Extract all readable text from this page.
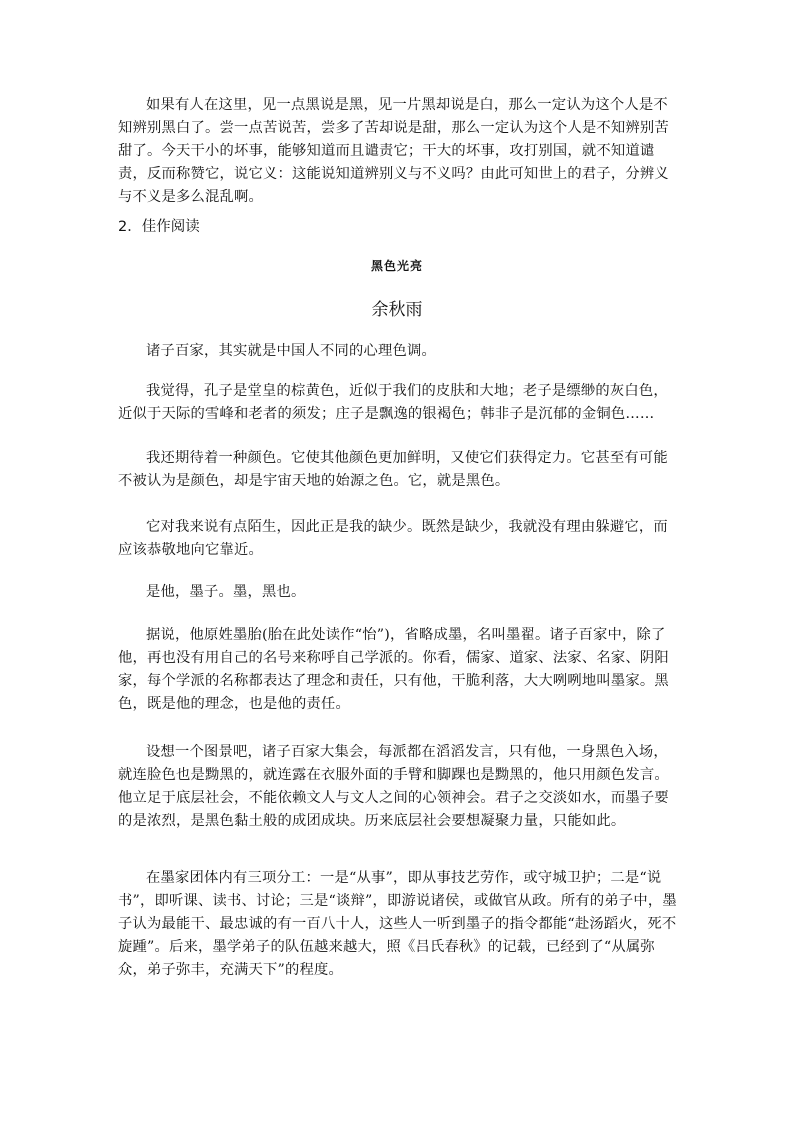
如果有人在这里，见一点黑说是黑，见一片黑却说是白，那么一定认为这个人是不知辨别黑白了。尝一点苦说苦，尝多了苦却说是甜，那么一定认为这个人是不知辨别苦甜了。今天干小的坏事，能够知道而且谴责它；干大的坏事，攻打别国，就不知道谴责，反而称赞它，说它义：这能说知道辨别义与不义吗？由此可知世上的君子，分辨义与不义是多么混乱啊。

2．佳作阅读

黑色光亮

余秋雨

诸子百家，其实就是中国人不同的心理色调。

我觉得，孔子是堂皇的棕黄色，近似于我们的皮肤和大地；老子是缥缈的灰白色，近似于天际的雪峰和老者的须发；庄子是飘逸的银褐色；韩非子是沉郁的金铜色……

我还期待着一种颜色。它使其他颜色更加鲜明，又使它们获得定力。它甚至有可能不被认为是颜色，却是宇宙天地的始源之色。它，就是黑色。

它对我来说有点陌生，因此正是我的缺少。既然是缺少，我就没有理由躲避它，而应该恭敬地向它靠近。

是他，墨子。墨，黑也。

据说，他原姓墨胎(胎在此处读作“怡”)，省略成墨，名叫墨翟。诸子百家中，除了他，再也没有用自己的名号来称呼自己学派的。你看，儒家、道家、法家、名家、阴阳家，每个学派的名称都表达了理念和责任，只有他，干脆利落，大大咧咧地叫墨家。黑色，既是他的理念，也是他的责任。

设想一个图景吧，诸子百家大集会，每派都在滔滔发言，只有他，一身黑色入场，就连脸色也是黝黑的，就连露在衣服外面的手臂和脚踝也是黝黑的，他只用颜色发言。他立足于底层社会，不能依赖文人与文人之间的心领神会。君子之交淡如水，而墨子要的是浓烈，是黑色黏土般的成团成块。历来底层社会要想凝聚力量，只能如此。

在墨家团体内有三项分工：一是“从事”，即从事技艺劳作，或守城卫护；二是“说书”，即听课、读书、讨论；三是“谈辩”，即游说诸侯，或做官从政。所有的弟子中，墨子认为最能干、最忠诚的有一百八十人，这些人一听到墨子的指令都能“赴汤蹈火，死不旋踵”。后来，墨学弟子的队伍越来越大，照《吕氏春秋》的记载，已经到了“从属弥众，弟子弥丰，充满天下”的程度。
